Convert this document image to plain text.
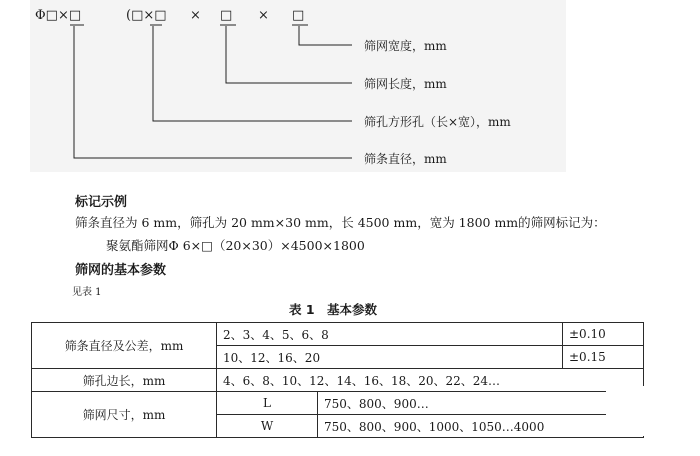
Φ□×□	(□×□ × □ × □
筛网宽度，mm
筛网长度，mm
筛孔方形孔（长×宽），mm
筛条直径，mm
标记示例
筛条直径为 6 mm，筛孔为 20 mm×30 mm，长 4500 mm，宽为 1800 mm的筛网标记为：
聚氨酯筛网Φ 6×□（20×30）×4500×1800
筛网的基本参数
见表 1
表 1　基本参数
筛条直径及公差，mm	2、3、4、5、6、8		±0.10
	10、12、16、20		±0.15
筛孔边长，mm	4、6、8、10、12、14、16、18、20、22、24…		
筛网尺寸，mm	L	750、800、900…	
	W	750、800、900、1000、1050…4000	
